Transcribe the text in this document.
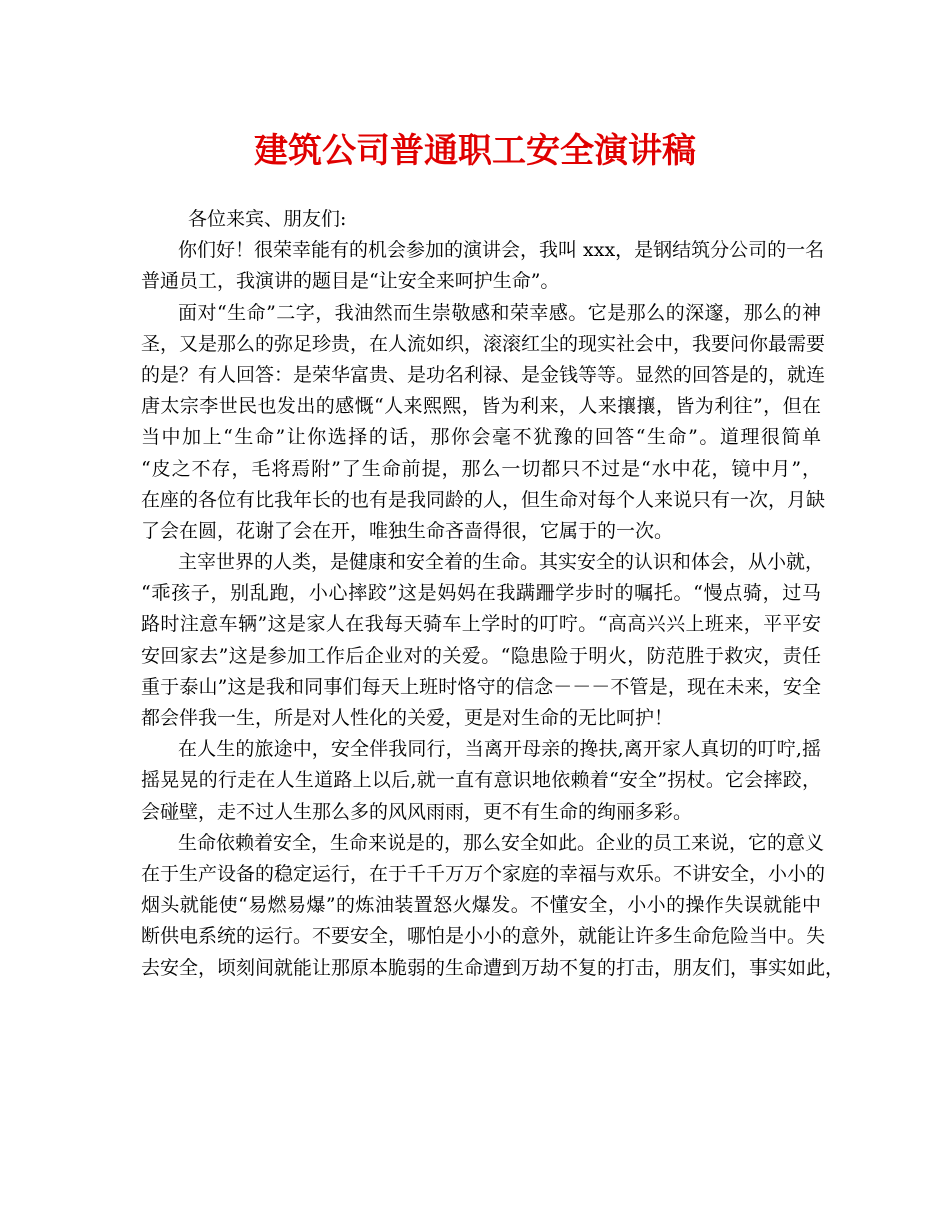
建筑公司普通职工安全演讲稿
各位来宾、朋友们:
你们好！很荣幸能有的机会参加的演讲会，我叫 xxx，是钢结筑分公司的一名
普通员工，我演讲的题目是“让安全来呵护生命”。
面对“生命”二字，我油然而生崇敬感和荣幸感。它是那么的深邃，那么的神
圣，又是那么的弥足珍贵，在人流如织，滚滚红尘的现实社会中，我要问你最需要
的是？有人回答：是荣华富贵、是功名利禄、是金钱等等。显然的回答是的，就连
唐太宗李世民也发出的感慨“人来熙熙，皆为利来，人来攘攘，皆为利往”，但在
当中加上“生命”让你选择的话，那你会毫不犹豫的回答“生命”。道理很简单
“皮之不存，毛将焉附”了生命前提，那么一切都只不过是“水中花，镜中月”，
在座的各位有比我年长的也有是我同龄的人，但生命对每个人来说只有一次，月缺
了会在圆，花谢了会在开，唯独生命吝啬得很，它属于的一次。
主宰世界的人类，是健康和安全着的生命。其实安全的认识和体会，从小就，
“乖孩子，别乱跑，小心摔跤”这是妈妈在我蹒跚学步时的嘱托。“慢点骑，过马
路时注意车辆”这是家人在我每天骑车上学时的叮咛。“高高兴兴上班来，平平安
安回家去”这是参加工作后企业对的关爱。“隐患险于明火，防范胜于救灾，责任
重于泰山”这是我和同事们每天上班时恪守的信念－－－不管是，现在未来，安全
都会伴我一生，所是对人性化的关爱，更是对生命的无比呵护！
在人生的旅途中，安全伴我同行，当离开母亲的搀扶,离开家人真切的叮咛,摇
摇晃晃的行走在人生道路上以后,就一直有意识地依赖着“安全”拐杖。它会摔跤，
会碰壁，走不过人生那么多的风风雨雨，更不有生命的绚丽多彩。
生命依赖着安全，生命来说是的，那么安全如此。企业的员工来说，它的意义
在于生产设备的稳定运行，在于千千万万个家庭的幸福与欢乐。不讲安全，小小的
烟头就能使“易燃易爆”的炼油装置怒火爆发。不懂安全，小小的操作失误就能中
断供电系统的运行。不要安全，哪怕是小小的意外，就能让许多生命危险当中。失
去安全，顷刻间就能让那原本脆弱的生命遭到万劫不复的打击，朋友们，事实如此，
